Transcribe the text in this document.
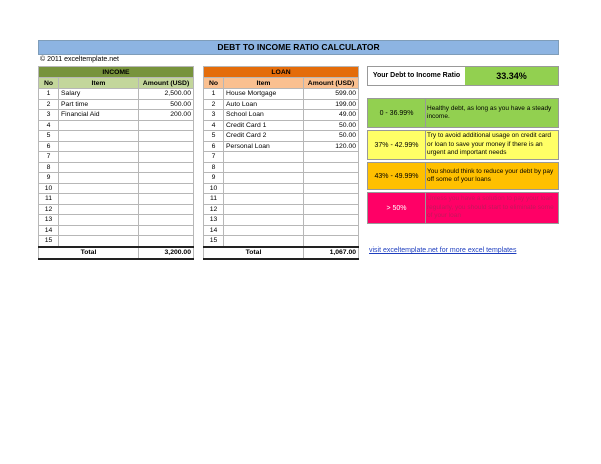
DEBT TO INCOME RATIO CALCULATOR
© 2011 exceltemplate.net
INCOME		
No	Item	Amount (USD)
1	Salary	2,500.00
2	Part time	500.00
3	Financial Aid	200.00
4		
5		
6		
7		
8		
9		
10		
11		
12		
13		
14		
15		
Total		3,200.00
LOAN		
No	Item	Amount (USD)
1	House Mortgage	599.00
2	Auto Loan	199.00
3	School Loan	49.00
4	Credit Card 1	50.00
5	Credit Card 2	50.00
6	Personal Loan	120.00
7		
8		
9		
10		
11		
12		
13		
14		
15		
Total		1,067.00
Your Debt to Income Ratio	33.34%
0 - 36.99%
Healthy debt, as long as you have a steady income.
37% - 42.99%
Try to avoid additional usage on credit card or loan to save your money if there is an urgent and important needs
43% - 49.99%
You should think to reduce your debt by pay off some of your loans
> 50%
Unless you have a solution to pay your loan regularly, you should start to eliminate some of your loan
visit exceltemplate.net for more excel templates
